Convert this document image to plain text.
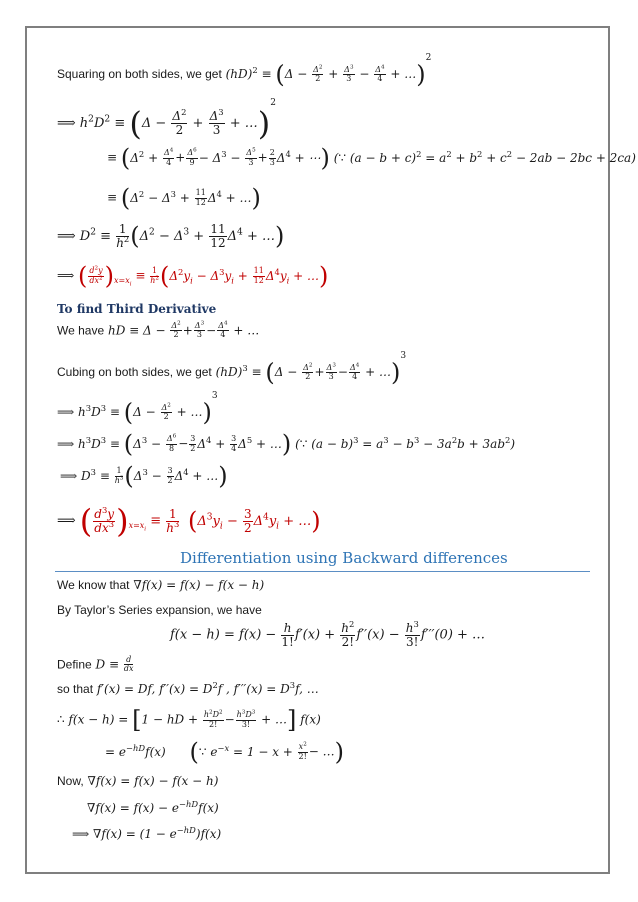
Squaring on both sides, we get $(hD)^2 \equiv (\Delta - \frac{\Delta^2}{2} + \frac{\Delta^3}{3} - \frac{\Delta^4}{4}$ + …)$^2$
⟹ $h^2D^2 \equiv (\Delta - \frac{\Delta^2}{2} + \frac{\Delta^3}{3}$ + …)$^2$
≡ ($\Delta^2 + \frac{\Delta^4}{4} + \frac{\Delta^6}{9} - \Delta^3 - \frac{\Delta^5}{3} + \frac{2}{3} \Delta^4$ + ⋯) (∵ $(a - b + c)^2 = a^2 + b^2 + c^2 - 2ab - 2bc + 2ca$)
≡ ($\Delta^2 - \Delta^3 + \frac{11}{12} \Delta^4$ + …)
⟹ $D^2 \equiv \frac{1}{h^2} (\Delta^2 - \Delta^3 + \frac{11}{12} \Delta^4$ + …)
⟹ ( $\frac{d^2y}{dx^2} )_{x=x_i} \equiv \frac{1}{h^2} (\Delta^2y_i - \Delta^3y_i + \frac{11}{12} \Delta^4y_i$ + …)
To find Third Derivative
We have hD ≡ $\Delta - \frac{\Delta^2}{2} + \frac{\Delta^3}{3} - \frac{\Delta^4}{4}$ + …
Cubing on both sides, we get $(hD)^3 \equiv (\Delta - \frac{\Delta^2}{2} + \frac{\Delta^3}{3} - \frac{\Delta^4}{4}$ + …)$^3$
⟹ $h^3D^3 \equiv (\Delta - \frac{\Delta^2}{2}$ + …)$^3$
⟹ $h^3D^3 \equiv (\Delta^3 - \frac{\Delta^6}{8} - \frac{3}{2} \Delta^4 + \frac{3}{4} \Delta^5$ + …) (∵ $(a - b)^3 = a^3 - b^3 - 3a^2b + 3ab^2$)
⟹ $D^3 \equiv \frac{1}{h^3} (\Delta^3 - \frac{3}{2} \Delta^4$ + …)
⟹ ( $\frac{d^3y}{dx^3} )_{x=x_i} \equiv \frac{1}{h^3} (\Delta^3y_i - \frac{3}{2} \Delta^4y_i$ + …)
Differentiation using Backward differences
We know that ∇f(x) = f(x) − f(x − h)
By Taylor’s Series expansion, we have
$f(x - h) = f(x) - \frac{h}{1!} f'(x) + \frac{h^2}{2!} f''(x) - \frac{h^3}{3!} f'''(0)$ + …
Define $D \equiv \frac{d}{dx}$
so that f′(x) = Df, $f''(x) = D^2f$ , $f'''(x) = D^3f$, …
∴ f(x − h) = [1 − hD + $\frac{h^2D^2}{2!} - \frac{h^3D^3}{3!}$ + …] f(x)
= $e^{-hD}f(x)$ (∵ $e^{-x} = 1 - x + \frac{x^2}{2!}$ − …)
Now, ∇f(x) = f(x) − f(x − h)
$\nabla f(x) = f(x) - e^{-hD}f(x)$
⟹ $\nabla f(x) = (1 - e^{-hD})f(x)$
